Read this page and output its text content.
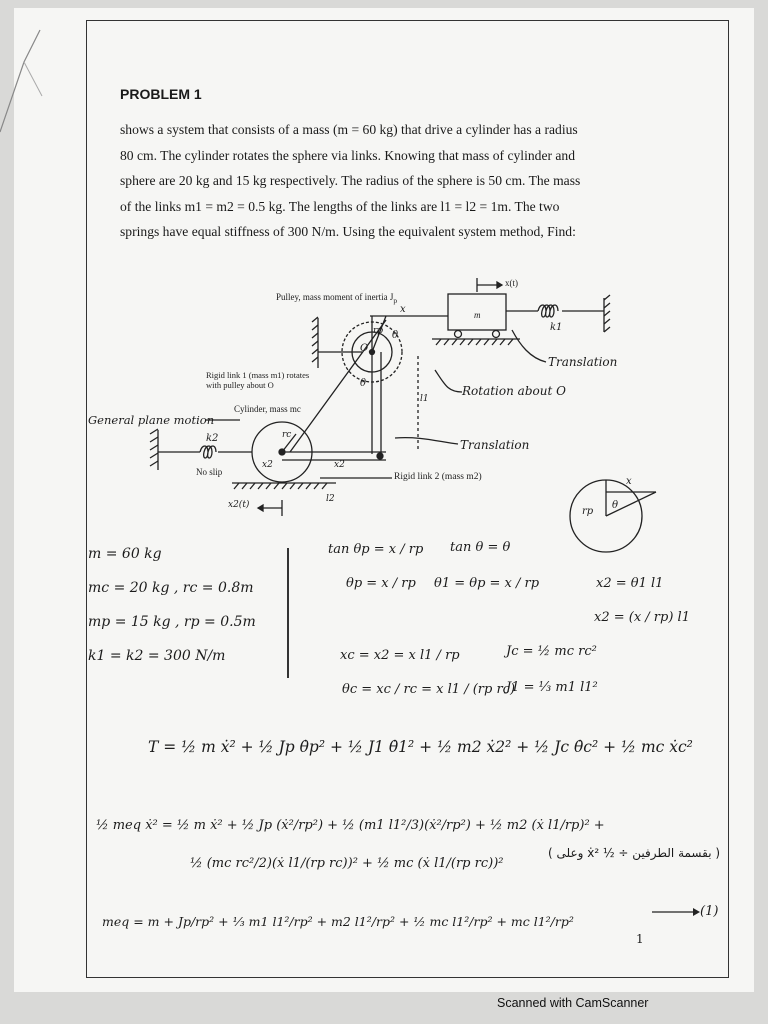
PROBLEM 1
shows a system that consists of a mass (m = 60 kg) that drive a cylinder has a radius
80 cm. The cylinder rotates the sphere via links. Knowing that mass of cylinder and
sphere are 20 kg and 15 kg respectively. The radius of the sphere is 50 cm. The mass
of the links m1 = m2 = 0.5 kg. The lengths of the links are l1 = l2 = 1m. The two
springs have equal stiffness of 300 N/m. Using the equivalent system method, Find:
Pulley, mass moment of inertia $J_p$
x
x(t)
m
k1
Translation
Rotation about O
O
θ
θ
rp
Rigid link 1 (mass m1) rotates with pulley about O
Cylinder, mass mc
General plane motion
k2	rc
x2	x2
No slip
Translation
Rigid link 2 (mass m2)
l1
l2
x2(t)
x
rp
θ
m = 60 kg
mc = 20 kg , rc = 0.8m
mp = 15 kg , rp = 0.5m
k1 = k2 = 300 N/m
tan θp = x / rp tan θ = θ
θp = x / rp θ1 = θp = x / rp	x2 = θ1 l1
x2 = (x / rp) l1
xc = x2 = x l1 / rp	Jc = ½ mc rc²
θc = xc / rc = x l1 / (rp rc)
J1 = ⅓ m1 l1²
T = ½ m ẋ² + ½ Jp θ̇p² + ½ J1 θ̇1² + ½ m2 ẋ2² + ½ Jc θ̇c² + ½ mc ẋc²
½ meq ẋ² = ½ m ẋ² + ½ Jp (ẋ²/rp²) + ½ (m1 l1²/3)(ẋ²/rp²) + ½ m2 (ẋ l1/rp)² +
½ (mc rc²/2)(ẋ l1/(rp rc))² + ½ mc (ẋ l1/(rp rc))²
( بقسمة الطرفين ÷ ½ ẋ² وعلى )
meq = m + Jp/rp² + ⅓ m1 l1²/rp² + m2 l1²/rp² + ½ mc l1²/rp² + mc l1²/rp²
(1)
1
Scanned with CamScanner
